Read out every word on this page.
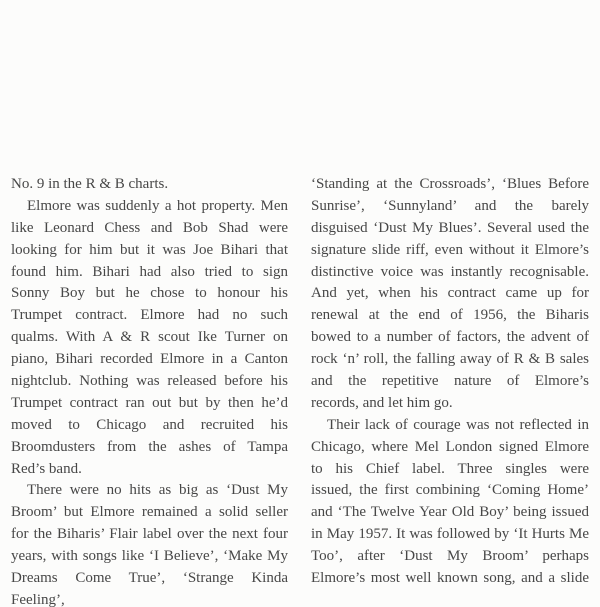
No. 9 in the R & B charts.
Elmore was suddenly a hot property. Men
like Leonard Chess and Bob Shad were
looking for him but it was Joe Bihari that
found him. Bihari had also tried to sign
Sonny Boy but he chose to honour his
Trumpet contract. Elmore had no such
qualms. With A & R scout Ike Turner on
piano, Bihari recorded Elmore in a Canton
nightclub. Nothing was released before his
Trumpet contract ran out but by then he’d
moved to Chicago and recruited his
Broomdusters from the ashes of Tampa
Red’s band.
There were no hits as big as ‘Dust My
Broom’ but Elmore remained a solid seller
for the Biharis’ Flair label over the next four
years, with songs like ‘I Believe’, ‘Make My
Dreams Come True’, ‘Strange Kinda Feeling’,
‘Standing at the Crossroads’, ‘Blues Before
Sunrise’, ‘Sunnyland’ and the barely
disguised ‘Dust My Blues’. Several used the
signature slide riff, even without it Elmore’s
distinctive voice was instantly recognisable.
And yet, when his contract came up for
renewal at the end of 1956, the Biharis
bowed to a number of factors, the advent of
rock ‘n’ roll, the falling away of R & B sales
and the repetitive nature of Elmore’s
records, and let him go.
Their lack of courage was not reflected in
Chicago, where Mel London signed Elmore
to his Chief label. Three singles were
issued, the first combining ‘Coming Home’
and ‘The Twelve Year Old Boy’ being issued
in May 1957. It was followed by ‘It Hurts Me
Too’, after ‘Dust My Broom’ perhaps
Elmore’s most well known song, and a slide
